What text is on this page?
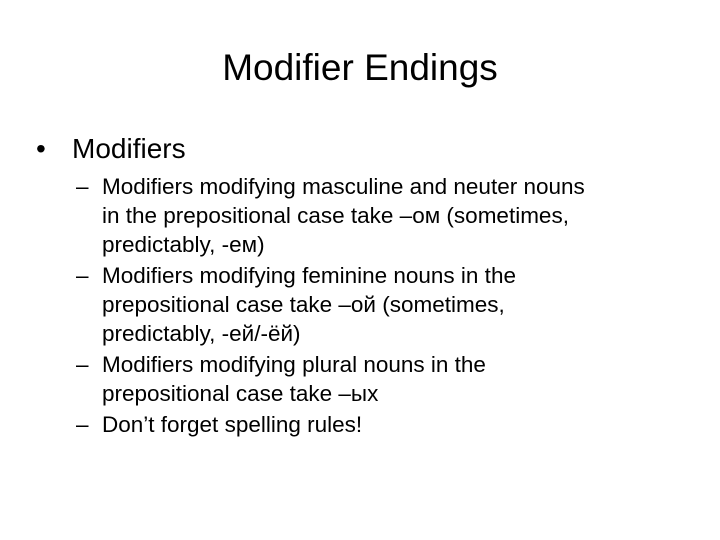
Modifier Endings
• Modifiers
– Modifiers modifying masculine and neuter nouns
in the prepositional case take –ом (sometimes,
predictably, -ем)
– Modifiers modifying feminine nouns in the
prepositional case take –ой (sometimes,
predictably, -ей/-ёй)
– Modifiers modifying plural nouns in the
prepositional case take –ых
– Don’t forget spelling rules!
